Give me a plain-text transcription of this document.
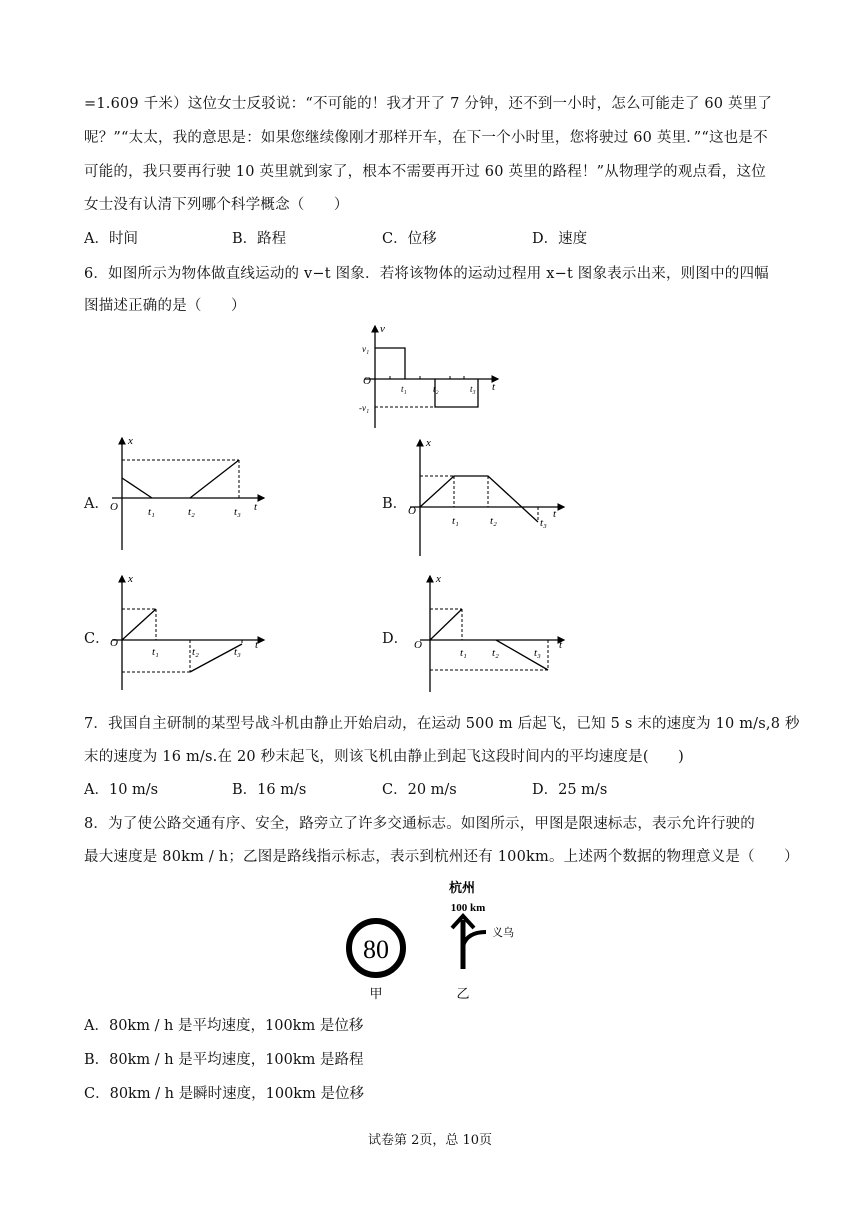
=1.609 千米）这位女士反驳说：“不可能的！我才开了 7 分钟，还不到一小时，怎么可能走了 60 英里了
呢？”“太太，我的意思是：如果您继续像刚才那样开车，在下一个小时里，您将驶过 60 英里．”“这也是不
可能的，我只要再行驶 10 英里就到家了，根本不需要再开过 60 英里的路程！”从物理学的观点看，这位
女士没有认清下列哪个科学概念（　　）
A．时间	B．路程	C．位移	D．速度
6．如图所示为物体做直线运动的 v−t 图象．若将该物体的运动过程用 x−t 图象表示出来，则图中的四幅
图描述正确的是（　　）
v
t
O
v₁
-v₁
t₁	t₂	t₃
A．
x
O	t₁	t₂	t₃ t	B．
x
O
t₁	t₂	t₃
t
C．
x
O
t₁	t₂	t₃
t	D．
x
O
t₁ t₂	t₃
t
7．我国自主研制的某型号战斗机由静止开始启动，在运动 500 m 后起飞，已知 5 s 末的速度为 10 m/s,8 秒
末的速度为 16 m/s.在 20 秒末起飞，则该飞机由静止到起飞这段时间内的平均速度是(　　)
A．10 m/s	B．16 m/s	C．20 m/s	D．25 m/s
8．为了使公路交通有序、安全，路旁立了许多交通标志。如图所示，甲图是限速标志，表示允许行驶的
最大速度是 80km / h；乙图是路线指示标志，表示到杭州还有 100km。上述两个数据的物理意义是（　　）
80
甲
杭州
100 km
义乌
乙
A．80km / h 是平均速度，100km 是位移
B．80km / h 是平均速度，100km 是路程
C．80km / h 是瞬时速度，100km 是位移
试卷第 2页，总 10页
